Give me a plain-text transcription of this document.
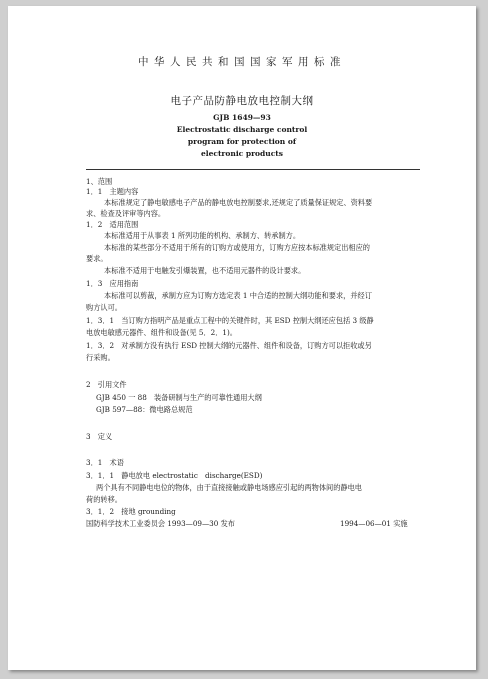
中华人民共和国国家军用标准
电子产品防静电放电控制大纲
GJB 1649—93
Electrostatic discharge control
program for protection of
electronic products
1、范围
1．1　主题内容
本标准规定了静电敏感电子产品的静电放电控制要求,还规定了质量保证规定、资料要
求、检查及评审等内容。
1．2　适用范围
本标准适用于从事表 1 所列功能的机构、承制方、转承制方。
本标准的某些部分不适用于所有的订购方或使用方，订购方应按本标准规定出相应的
要求。
本标准不适用于电触发引爆装置，也不适用元器件的设计要求。
1．3　应用指南
本标准可以剪裁，承制方应为订购方选定表 1 中合适的控制大纲功能和要求，并经订
购方认可。
1．3．1　当订购方指明产品是重点工程中的关键件时，其 ESD 控制大纲还应包括 3 级静
电放电敏感元器件、组件和设备(见 5．2．1)。
1．3．2　对承制方没有执行 ESD 控制大纲的元器件、组件和设备，订购方可以拒收或另
行采购。
2　引用文件
GJB 450 一 88　装备研制与生产的可靠性通用大纲
GJB 597—88：微电路总规范
3　定义
3．1　术语
3．1．1　静电放电 electrostatic　discharge(ESD)
两个具有不同静电电位的物体，由于直接接触或静电场感应引起的两物体间的静电电
荷的转移。
3．1．2　接地 grounding
国防科学技术工业委员会 1993—09—30 发布	1994—06—01 实施
